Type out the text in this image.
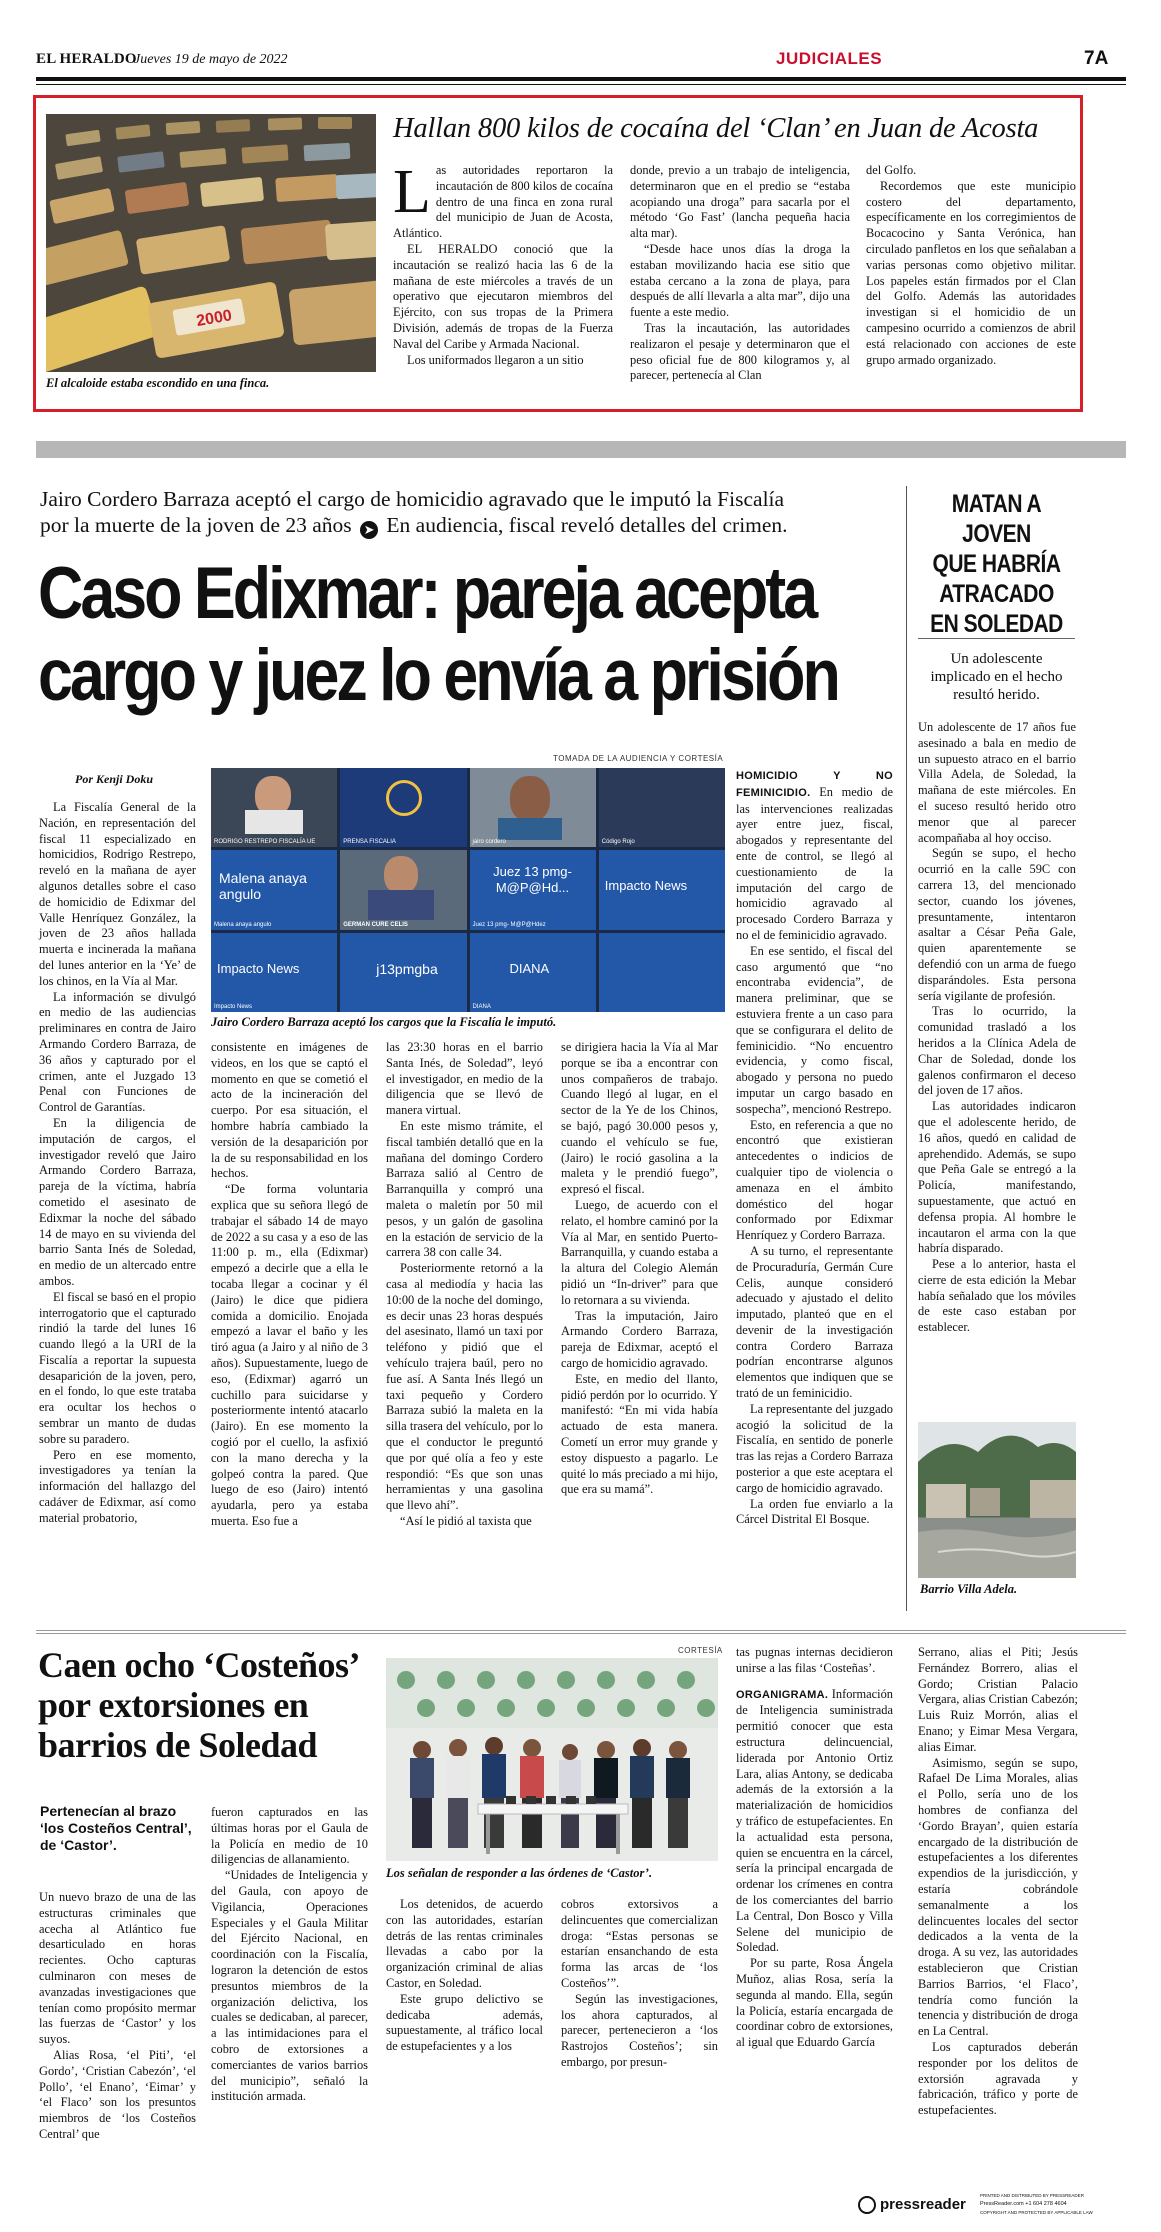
EL HERALDO
Jueves 19 de mayo de 2022	JUDICIALES	7A
2000
El alcaloide estaba escondido en una finca.
Hallan 800 kilos de cocaína del ‘Clan’ en Juan de Acosta
L as autoridades reportaron la incautación de 800 kilos de cocaína dentro de una finca en zona rural del municipio de Juan de Acosta, Atlántico.

EL HERALDO conoció que la incautación se realizó hacia las 6 de la mañana de este miércoles a través de un operativo que ejecutaron miembros del Ejército, con sus tropas de la Primera División, además de tropas de la Fuerza Naval del Caribe y Armada Nacional.

Los uniformados llegaron a un sitio

donde, previo a un trabajo de inteligencia, determinaron que en el predio se “estaba acopiando una droga” para sacarla por el método ‘Go Fast’ (lancha pequeña hacia alta mar).

“Desde hace unos días la droga la estaban movilizando hacia ese sitio que estaba cercano a la zona de playa, para después de allí llevarla a alta mar”, dijo una fuente a este medio.

Tras la incautación, las autoridades realizaron el pesaje y determinaron que el peso oficial fue de 800 kilogramos y, al parecer, pertenecía al Clan

del Golfo.

Recordemos que este municipio costero del departamento, específicamente en los corregimientos de Bocacocino y Santa Verónica, han circulado panfletos en los que señalaban a varias personas como objetivo militar. Los papeles están firmados por el Clan del Golfo. Además las autoridades investigan si el homicidio de un campesino ocurrido a comienzos de abril está relacionado con acciones de este grupo armado organizado.

Jairo Cordero Barraza aceptó el cargo de homicidio agravado que le imputó la Fiscalía
por la muerte de la joven de 23 años ➤ En audiencia, fiscal reveló detalles del crimen.
Caso Edixmar: pareja acepta
cargo y juez lo envía a prisión
Por Kenji Doku
TOMADA DE LA AUDIENCIA Y CORTESÍA
RODRIGO RESTREPO FISCALÍA UE	PRENSA FISCALIA	jairo cordero	Código Rojo
Malena anaya angulo
Malena anaya angulo	GERMAN CURE CELIS
Juez 13 pmg- M@P@Hd...
Juez 13 pmg- M@P@Hdez
Impacto News
Impacto News
Impacto News
j13pmgba	DIANA
DIANA
Jairo Cordero Barraza aceptó los cargos que la Fiscalía le imputó.

La Fiscalía General de la Nación, en representación del fiscal 11 especializado en homicidios, Rodrigo Restrepo, reveló en la mañana de ayer algunos detalles sobre el caso de homicidio de Edixmar del Valle Henríquez González, la joven de 23 años hallada muerta e incinerada la mañana del lunes anterior en la ‘Ye’ de los chinos, en la Vía al Mar.

La información se divulgó en medio de las audiencias preliminares en contra de Jairo Armando Cordero Barraza, de 36 años y capturado por el crimen, ante el Juzgado 13 Penal con Funciones de Control de Garantías.

En la diligencia de imputación de cargos, el investigador reveló que Jairo Armando Cordero Barraza, pareja de la víctima, habría cometido el asesinato de Edixmar la noche del sábado 14 de mayo en su vivienda del barrio Santa Inés de Soledad, en medio de un altercado entre ambos.

El fiscal se basó en el propio interrogatorio que el capturado rindió la tarde del lunes 16 cuando llegó a la URI de la Fiscalía a reportar la supuesta desaparición de la joven, pero, en el fondo, lo que este trataba era ocultar los hechos o sembrar un manto de dudas sobre su paradero.

Pero en ese momento, investigadores ya tenían la información del hallazgo del cadáver de Edixmar, así como material probatorio,

consistente en imágenes de videos, en los que se captó el momento en que se cometió el acto de la incineración del cuerpo. Por esa situación, el hombre habría cambiado la versión de la desaparición por la de su responsabilidad en los hechos.

“De forma voluntaria explica que su señora llegó de trabajar el sábado 14 de mayo de 2022 a su casa y a eso de las 11:00 p. m., ella (Edixmar) empezó a decirle que a ella le tocaba llegar a cocinar y él (Jairo) le dice que pidiera comida a domicilio. Enojada empezó a lavar el baño y les tiró agua (a Jairo y al niño de 3 años). Supuestamente, luego de eso, (Edixmar) agarró un cuchillo para suicidarse y posteriormente intentó atacarlo (Jairo). En ese momento la cogió por el cuello, la asfixió con la mano derecha y la golpeó contra la pared. Que luego de eso (Jairo) intentó ayudarla, pero ya estaba muerta. Eso fue a

las 23:30 horas en el barrio Santa Inés, de Soledad”, leyó el investigador, en medio de la diligencia que se llevó de manera virtual.

En este mismo trámite, el fiscal también detalló que en la mañana del domingo Cordero Barraza salió al Centro de Barranquilla y compró una maleta o maletín por 50 mil pesos, y un galón de gasolina en la estación de servicio de la carrera 38 con calle 34.

Posteriormente retornó a la casa al mediodía y hacia las 10:00 de la noche del domingo, es decir unas 23 horas después del asesinato, llamó un taxi por teléfono y pidió que el vehículo trajera baúl, pero no fue así. A Santa Inés llegó un taxi pequeño y Cordero Barraza subió la maleta en la silla trasera del vehículo, por lo que el conductor le preguntó que por qué olía a feo y este respondió: “Es que son unas herramientas y una gasolina que llevo ahí”.

“Así le pidió al taxista que

se dirigiera hacia la Vía al Mar porque se iba a encontrar con unos compañeros de trabajo. Cuando llegó al lugar, en el sector de la Ye de los Chinos, se bajó, pagó 30.000 pesos y, cuando el vehículo se fue, (Jairo) le roció gasolina a la maleta y le prendió fuego”, expresó el fiscal.

Luego, de acuerdo con el relato, el hombre caminó por la Vía al Mar, en sentido Puerto-Barranquilla, y cuando estaba a la altura del Colegio Alemán pidió un “In-driver” para que lo retornara a su vivienda.

Tras la imputación, Jairo Armando Cordero Barraza, pareja de Edixmar, aceptó el cargo de homicidio agravado.

Este, en medio del llanto, pidió perdón por lo ocurrido. Y manifestó: “En mi vida había actuado de esta manera. Cometí un error muy grande y estoy dispuesto a pagarlo. Le quité lo más preciado a mi hijo, que era su mamá”.

HOMICIDIO Y NO FEMINICIDIO. En medio de las intervenciones realizadas ayer entre juez, fiscal, abogados y representante del ente de control, se llegó al cuestionamiento de la imputación del cargo de homicidio agravado al procesado Cordero Barraza y no el de feminicidio agravado.

En ese sentido, el fiscal del caso argumentó que “no encontraba evidencia”, de manera preliminar, que se estuviera frente a un caso para que se configurara el delito de feminicidio. “No encuentro evidencia, y como fiscal, abogado y persona no puedo imputar un cargo basado en sospecha”, mencionó Restrepo.

Esto, en referencia a que no encontró que existieran antecedentes o indicios de cualquier tipo de violencia o amenaza en el ámbito doméstico del hogar conformado por Edixmar Henríquez y Cordero Barraza.

A su turno, el representante de Procuraduría, Germán Cure Celis, aunque consideró adecuado y ajustado el delito imputado, planteó que en el devenir de la investigación contra Cordero Barraza podrían encontrarse algunos elementos que indiquen que se trató de un feminicidio.

La representante del juzgado acogió la solicitud de la Fiscalía, en sentido de ponerle tras las rejas a Cordero Barraza posterior a que este aceptara el cargo de homicidio agravado.

La orden fue enviarlo a la Cárcel Distrital El Bosque.

MATAN A JOVEN
QUE HABRÍA
ATRACADO
EN SOLEDAD
Un adolescente implicado en el hecho resultó herido.

Un adolescente de 17 años fue asesinado a bala en medio de un supuesto atraco en el barrio Villa Adela, de Soledad, la mañana de este miércoles. En el suceso resultó herido otro menor que al parecer acompañaba al hoy occiso.

Según se supo, el hecho ocurrió en la calle 59C con carrera 13, del mencionado sector, cuando los jóvenes, presuntamente, intentaron asaltar a César Peña Gale, quien aparentemente se defendió con un arma de fuego disparándoles. Esta persona sería vigilante de profesión.

Tras lo ocurrido, la comunidad trasladó a los heridos a la Clínica Adela de Char de Soledad, donde los galenos confirmaron el deceso del joven de 17 años.

Las autoridades indicaron que el adolescente herido, de 16 años, quedó en calidad de aprehendido. Además, se supo que Peña Gale se entregó a la Policía, manifestando, supuestamente, que actuó en defensa propia. Al hombre le incautaron el arma con la que habría disparado.

Pese a lo anterior, hasta el cierre de esta edición la Mebar había señalado que los móviles de este caso estaban por establecer.

Barrio Villa Adela.
Caen ocho ‘Costeños’
por extorsiones en
barrios de Soledad
Pertenecían al brazo ‘los Costeños Central’, de ‘Castor’.

Un nuevo brazo de una de las estructuras criminales que acecha al Atlántico fue desarticulado en horas recientes. Ocho capturas culminaron con meses de avanzadas investigaciones que tenían como propósito mermar las fuerzas de ‘Castor’ y los suyos.

Alias Rosa, ‘el Piti’, ‘el Gordo’, ‘Cristian Cabezón’, ‘el Pollo’, ‘el Enano’, ‘Eimar’ y ‘el Flaco’ son los presuntos miembros de ‘los Costeños Central’ que

fueron capturados en las últimas horas por el Gaula de la Policía en medio de 10 diligencias de allanamiento.

“Unidades de Inteligencia y del Gaula, con apoyo de Vigilancia, Operaciones Especiales y el Gaula Militar del Ejército Nacional, en coordinación con la Fiscalía, lograron la detención de estos presuntos miembros de la organización delictiva, los cuales se dedicaban, al parecer, a las intimidaciones para el cobro de extorsiones a comerciantes de varios barrios del municipio”, señaló la institución armada.

CORTESÍA
Los señalan de responder a las órdenes de ‘Castor’.

Los detenidos, de acuerdo con las autoridades, estarían detrás de las rentas criminales llevadas a cabo por la organización criminal de alias Castor, en Soledad.

Este grupo delictivo se dedicaba además, supuestamente, al tráfico local de estupefacientes y a los

cobros extorsivos a delincuentes que comercializan droga: “Estas personas se estarían ensanchando de esta forma las arcas de ‘los Costeños’”.

Según las investigaciones, los ahora capturados, al parecer, pertenecieron a ‘los Rastrojos Costeños’; sin embargo, por presun-

tas pugnas internas decidieron unirse a las filas ‘Costeñas’.

ORGANIGRAMA. Información de Inteligencia suministrada permitió conocer que esta estructura delincuencial, liderada por Antonio Ortiz Lara, alias Antony, se dedicaba además de la extorsión a la materialización de homicidios y tráfico de estupefacientes. En la actualidad esta persona, quien se encuentra en la cárcel, sería la principal encargada de ordenar los crímenes en contra de los comerciantes del barrio La Central, Don Bosco y Villa Selene del municipio de Soledad.

Por su parte, Rosa Ángela Muñoz, alias Rosa, sería la segunda al mando. Ella, según la Policía, estaría encargada de coordinar cobro de extorsiones, al igual que Eduardo García

Serrano, alias el Piti; Jesús Fernández Borrero, alias el Gordo; Cristian Palacio Vergara, alias Cristian Cabezón; Luis Ruiz Morrón, alias el Enano; y Eimar Mesa Vergara, alias Eimar.

Asimismo, según se supo, Rafael De Lima Morales, alias el Pollo, sería uno de los hombres de confianza del ‘Gordo Brayan’, quien estaría encargado de la distribución de estupefacientes a los diferentes expendios de la jurisdicción, y estaría cobrándole semanalmente a los delincuentes locales del sector dedicados a la venta de la droga. A su vez, las autoridades establecieron que Cristian Barrios Barrios, ‘el Flaco’, tendría como función la tenencia y distribución de droga en La Central.

Los capturados deberán responder por los delitos de extorsión agravada y fabricación, tráfico y porte de estupefacientes.

pressreader
PRINTED AND DISTRIBUTED BY PRESSREADER
PressReader.com +1 604 278 4604
COPYRIGHT AND PROTECTED BY APPLICABLE LAW
